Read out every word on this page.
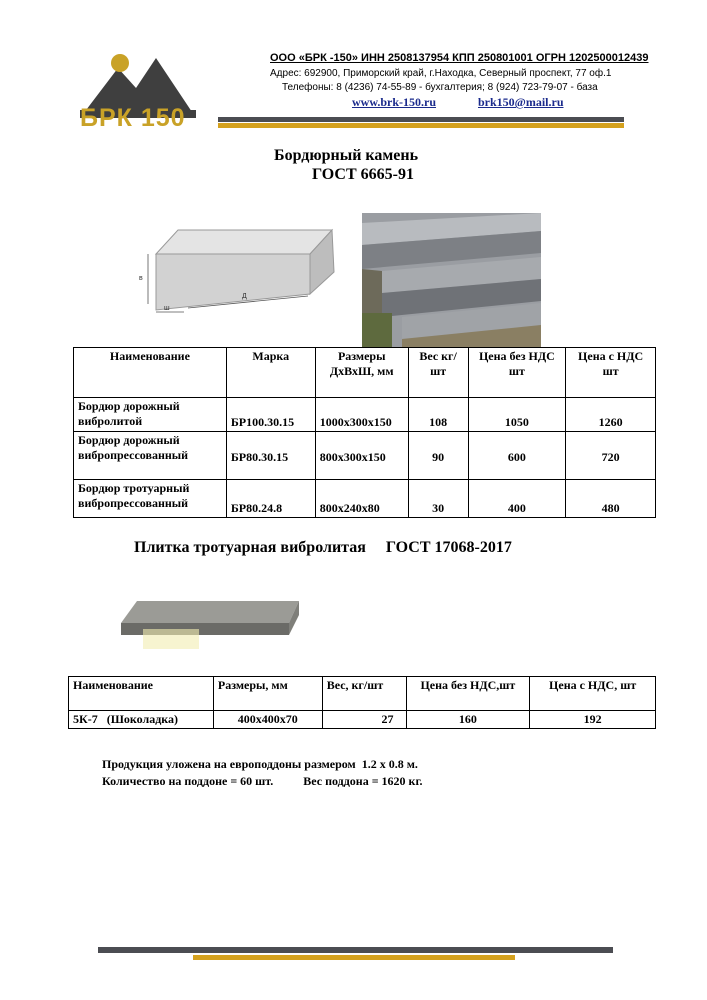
БРК 150
ООО «БРК -150» ИНН 2508137954 КПП 250801001 ОГРН 1202500012439
Адрес: 692900, Приморский край, г.Находка, Северный проспект, 77 оф.1
Телефоны: 8 (4236) 74-55-89 - бухгалтерия; 8 (924) 723-79-07 - база
www.brk-150.ru	brk150@mail.ru
Бордюрный камень
ГОСТ 6665-91
в
ш
Д
Наименование	Марка	Размеры ДхВхШ, мм	Вес кг/шт	Цена без НДС шт	Цена с НДС шт
Бордюр дорожный вибролитой	БР100.30.15	1000х300х150	108	1050	1260
Бордюр дорожный вибропрессованный	БР80.30.15	800х300х150	90	600	720
Бордюр тротуарный вибропрессованный	БР80.24.8	800х240х80	30	400	480
Плитка тротуарная вибролитая     ГОСТ 17068-2017
Наименование	Размеры, мм	Вес, кг/шт	Цена без НДС,шт	Цена с НДС, шт
5К-7   (Шоколадка)	400х400х70	27	160	192
Продукция уложена на европоддоны размером  1.2 х 0.8 м.
Количество на поддоне = 60 шт.          Вес поддона = 1620 кг.
